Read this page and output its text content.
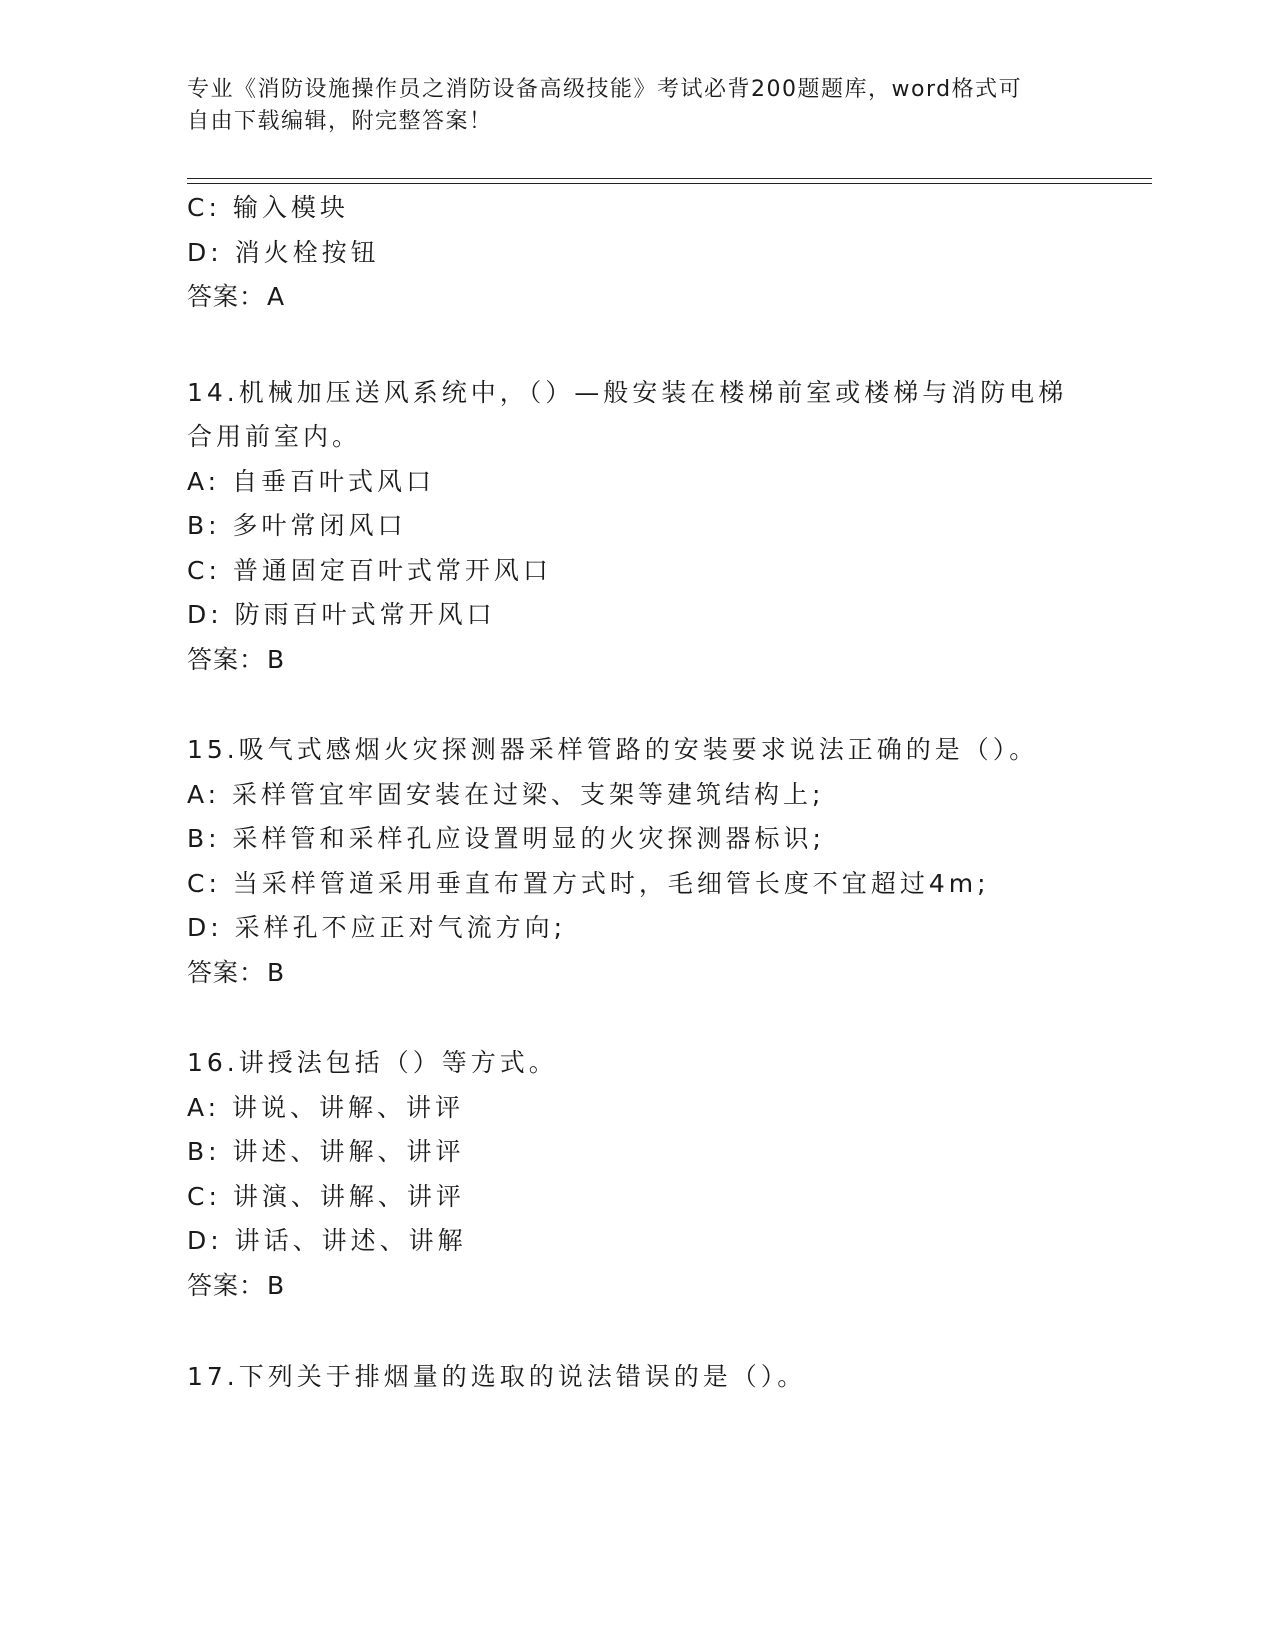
专业《消防设施操作员之消防设备高级技能》考试必背200题题库，word格式可
自由下载编辑，附完整答案！
C: 输入模块
D: 消火栓按钮
答案：A
14.机械加压送风系统中，（）—般安装在楼梯前室或楼梯与消防电梯
合用前室内。
A: 自垂百叶式风口
B: 多叶常闭风口
C: 普通固定百叶式常开风口
D: 防雨百叶式常开风口
答案：B
15.吸气式感烟火灾探测器采样管路的安装要求说法正确的是（）。
A: 采样管宜牢固安装在过梁、支架等建筑结构上;
B: 采样管和采样孔应设置明显的火灾探测器标识;
C: 当采样管道采用垂直布置方式时，毛细管长度不宜超过4m;
D: 采样孔不应正对气流方向;
答案：B
16.讲授法包括（）等方式。
A: 讲说、讲解、讲评
B: 讲述、讲解、讲评
C: 讲演、讲解、讲评
D: 讲话、讲述、讲解
答案：B
17.下列关于排烟量的选取的说法错误的是（）。
